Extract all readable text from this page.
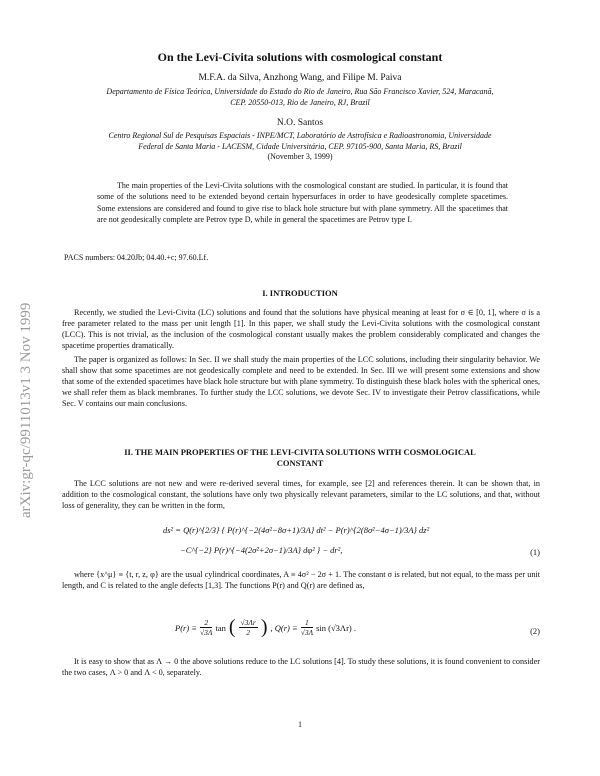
arXiv:gr-qc/9911013v1 3 Nov 1999
On the Levi-Civita solutions with cosmological constant
M.F.A. da Silva, Anzhong Wang, and Filipe M. Paiva
Departamento de Física Teórica, Universidade do Estado do Rio de Janeiro, Rua São Francisco Xavier, 524, Maracanã,
CEP. 20550-013, Rio de Janeiro, RJ, Brazil
N.O. Santos
Centro Regional Sul de Pesquisas Espaciais - INPE/MCT, Laboratório de Astrofísica e Radioastronomia, Universidade
Federal de Santa Maria - LACESM, Cidade Universitária, CEP. 97105-900, Santa Maria, RS, Brazil
(November 3, 1999)
The main properties of the Levi-Civita solutions with the cosmological constant are studied. In particular, it is found that some of the solutions need to be extended beyond certain hypersurfaces in order to have geodesically complete spacetimes. Some extensions are considered and found to give rise to black hole structure but with plane symmetry. All the spacetimes that are not geodesically complete are Petrov type D, while in general the spacetimes are Petrov type I.
PACS numbers: 04.20Jb; 04.40.+c; 97.60.Lf.
I. INTRODUCTION
Recently, we studied the Levi-Civita (LC) solutions and found that the solutions have physical meaning at least for σ ∈ [0, 1], where σ is a free parameter related to the mass per unit length [1]. In this paper, we shall study the Levi-Civita solutions with the cosmological constant (LCC). This is not trivial, as the inclusion of the cosmological constant usually makes the problem considerably complicated and changes the spacetime properties dramatically.
The paper is organized as follows: In Sec. II we shall study the main properties of the LCC solutions, including their singularity behavior. We shall show that some spacetimes are not geodesically complete and need to be extended. In Sec. III we will present some extensions and show that some of the extended spacetimes have black hole structure but with plane symmetry. To distinguish these black holes with the spherical ones, we shall refer them as black membranes. To further study the LCC solutions, we devote Sec. IV to investigate their Petrov classifications, while Sec. V contains our main conclusions.
II. THE MAIN PROPERTIES OF THE LEVI-CIVITA SOLUTIONS WITH COSMOLOGICAL
CONSTANT
The LCC solutions are not new and were re-derived several times, for example, see [2] and references therein. It can be shown that, in addition to the cosmological constant, the solutions have only two physically relevant parameters, similar to the LC solutions, and that, without loss of generality, they can be written in the form,
ds² = Q(r)^{2/3} { P(r)^{−2(4σ²−8σ+1)/3A} dt² − P(r)^{2(8σ²−4σ−1)/3A} dz²
−C^{−2} P(r)^{−4(2σ²+2σ−1)/3A} dφ² } − dr²,	(1)
where {x^μ} ≡ {t, r, z, φ} are the usual cylindrical coordinates, A ≡ 4σ² − 2σ + 1. The constant σ is related, but not equal, to the mass per unit length, and C is related to the angle defects [1,3]. The functions P(r) and Q(r) are defined as,
$P(r) \equiv \frac{2}{√3\Lambda}$ tan ( $\frac{√3\Lambda r}{2}$ ) , $Q(r) \equiv \frac{1}{√3\Lambda}$ sin (√3Λr) .	(2)
It is easy to show that as Λ → 0 the above solutions reduce to the LC solutions [4]. To study these solutions, it is found convenient to consider the two cases, Λ > 0 and Λ < 0, separately.
1
